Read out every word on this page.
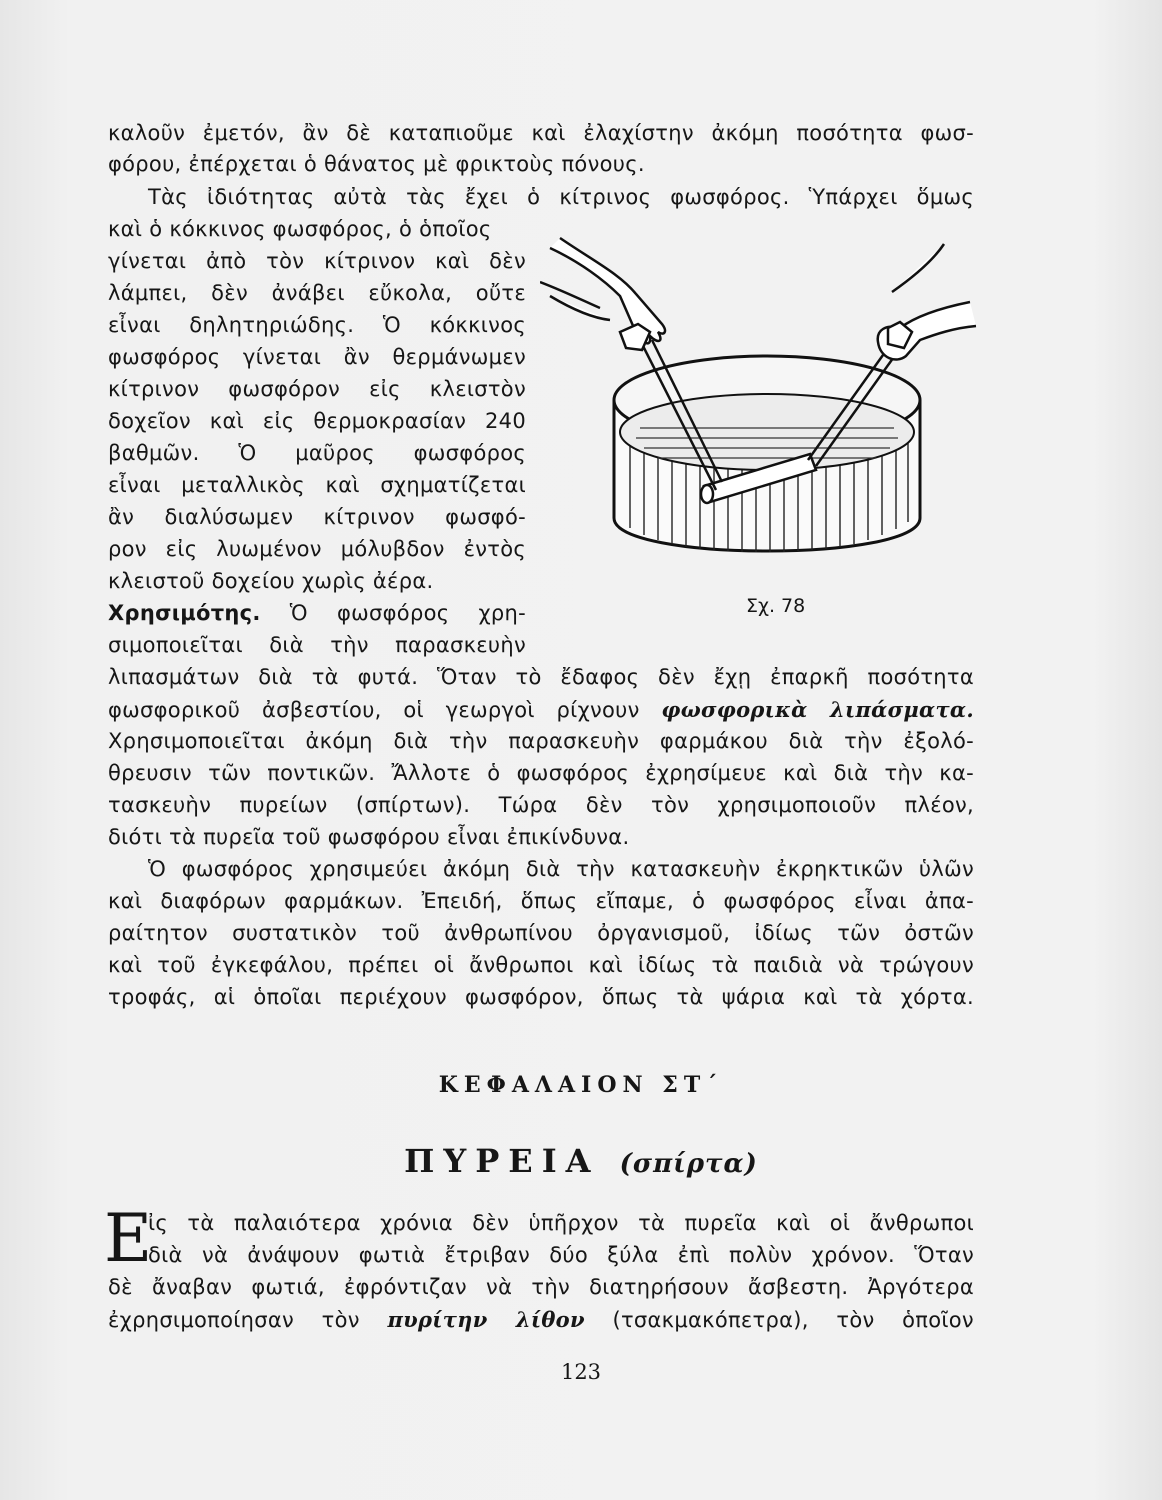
καλοῦν ἐμετόν, ἂν δὲ καταπιοῦμε καὶ ἐλαχίστην ἀκόμη ποσότητα φωσ-
φόρου, ἐπέρχεται ὁ θάνατος μὲ φρικτοὺς πόνους.
Τὰς ἰδιότητας αὐτὰ τὰς ἔχει ὁ κίτρινος φωσφόρος. Ὑπάρχει ὅμως
καὶ ὁ κόκκινος φωσφόρος, ὁ ὁποῖος
γίνεται ἀπὸ τὸν κίτρινον καὶ δὲν
λάμπει, δὲν ἀνάβει εὔκολα, οὔτε
εἶναι δηλητηριώδης. Ὁ κόκκινος
φωσφόρος γίνεται ἂν θερμάνωμεν
κίτρινον φωσφόρον εἰς κλειστὸν
δοχεῖον καὶ εἰς θερμοκρασίαν 240
βαθμῶν. Ὁ μαῦρος φωσφόρος
εἶναι μεταλλικὸς καὶ σχηματίζεται
ἂν διαλύσωμεν κίτρινον φωσφό-
ρον εἰς λυωμένον μόλυβδον ἐντὸς
κλειστοῦ δοχείου χωρὶς ἀέρα.
Χρησιμότης. Ὁ φωσφόρος χρη-
σιμοποιεῖται διὰ τὴν παρασκευὴν
λιπασμάτων διὰ τὰ φυτά. Ὅταν τὸ ἔδαφος δὲν ἔχῃ ἐπαρκῆ ποσότητα
φωσφορικοῦ ἀσβεστίου, οἱ γεωργοὶ ρίχνουν φωσφορικὰ λιπάσματα.
Χρησιμοποιεῖται ἀκόμη διὰ τὴν παρασκευὴν φαρμάκου διὰ τὴν ἐξολό-
θρευσιν τῶν ποντικῶν. Ἄλλοτε ὁ φωσφόρος ἐχρησίμευε καὶ διὰ τὴν κα-
τασκευὴν πυρείων (σπίρτων). Τώρα δὲν τὸν χρησιμοποιοῦν πλέον,
διότι τὰ πυρεῖα τοῦ φωσφόρου εἶναι ἐπικίνδυνα.
Ὁ φωσφόρος χρησιμεύει ἀκόμη διὰ τὴν κατασκευὴν ἐκρηκτικῶν ὑλῶν
καὶ διαφόρων φαρμάκων. Ἐπειδή, ὅπως εἴπαμε, ὁ φωσφόρος εἶναι ἀπα-
ραίτητον συστατικὸν τοῦ ἀνθρωπίνου ὀργανισμοῦ, ἰδίως τῶν ὀστῶν
καὶ τοῦ ἐγκεφάλου, πρέπει οἱ ἄνθρωποι καὶ ἰδίως τὰ παιδιὰ νὰ τρώγουν
τροφάς, αἱ ὁποῖαι περιέχουν φωσφόρον, ὅπως τὰ ψάρια καὶ τὰ χόρτα.
Σχ. 78
ΚΕΦΑΛΑΙΟΝ ΣΤ΄
ΠΥΡΕΙΑ (σπίρτα)
Ε
ἰς τὰ παλαιότερα χρόνια δὲν ὑπῆρχον τὰ πυρεῖα καὶ οἱ ἄνθρωποι
διὰ νὰ ἀνάψουν φωτιὰ ἔτριβαν δύο ξύλα ἐπὶ πολὺν χρόνον. Ὅταν
δὲ ἄναβαν φωτιά, ἐφρόντιζαν νὰ τὴν διατηρήσουν ἄσβεστη. Ἀργότερα
ἐχρησιμοποίησαν τὸν πυρίτην λίθον (τσακμακόπετρα), τὸν ὁποῖον
123
